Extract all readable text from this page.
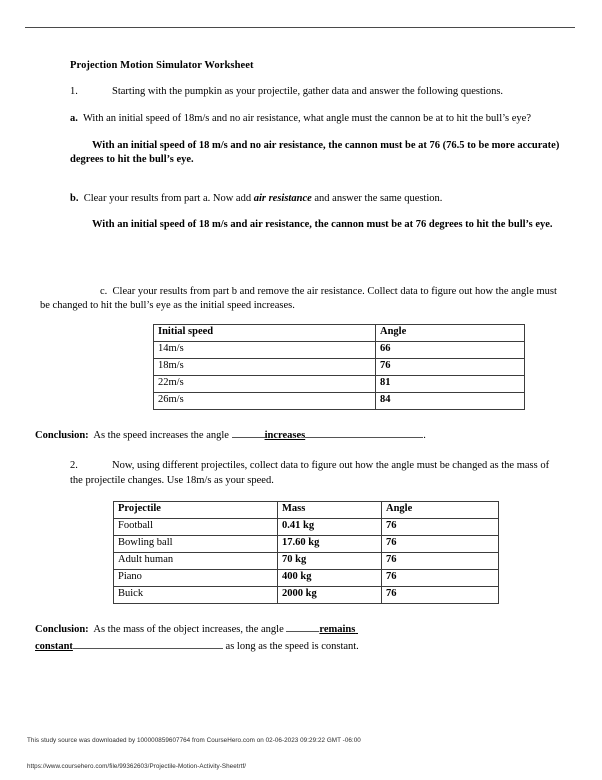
Projection Motion Simulator Worksheet

1.	Starting with the pumpkin as your projectile, gather data and answer the following questions.

a. With an initial speed of 18m/s and no air resistance, what angle must the cannon be at to hit the bull’s eye?

With an initial speed of 18 m/s and no air resistance, the cannon must be at 76 (76.5 to be more accurate) degrees to hit the bull’s eye.

b. Clear your results from part a. Now add air resistance and answer the same question.

With an initial speed of 18 m/s and air resistance, the cannon must be at 76 degrees to hit the bull’s eye.

c. Clear your results from part b and remove the air resistance. Collect data to figure out how the angle must be changed to hit the bull’s eye as the initial speed increases.

Initial speed	Angle
14m/s	66
18m/s	76
22m/s	81
26m/s	84

Conclusion: As the speed increases the angle	increases	.

2.	Now, using different projectiles, collect data to figure out how the angle must be changed as the mass of the projectile changes. Use 18m/s as your speed.

Projectile	Mass	Angle
Football	0.41 kg	76
Bowling ball	17.60 kg	76
Adult human	70 kg	76
Piano	400 kg	76
Buick	2000 kg	76

Conclusion: As the mass of the object increases, the angle	remains
constant	as long as the speed is constant.

This study source was downloaded by 100000859607764 from CourseHero.com on 02-06-2023 09:29:22 GMT -06:00
https://www.coursehero.com/file/99362603/Projectile-Motion-Activity-Sheetrtf/
